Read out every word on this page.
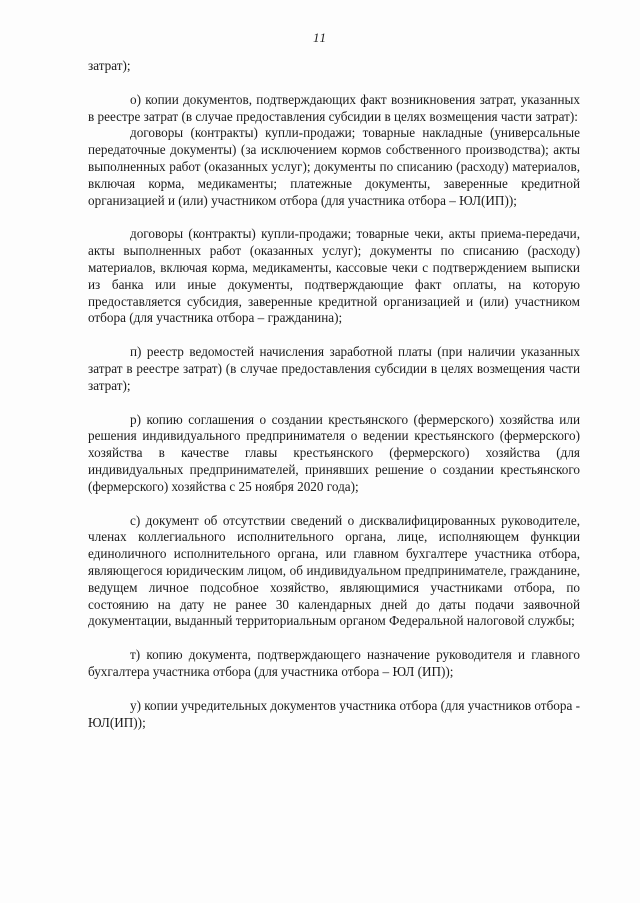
11

затрат);

о) копии документов, подтверждающих факт возникновения затрат, указанных в реестре затрат (в случае предоставления субсидии в целях возмещения части затрат):

договоры (контракты) купли-продажи; товарные накладные (универсальные передаточные документы) (за исключением кормов собственного производства); акты выполненных работ (оказанных услуг); документы по списанию (расходу) материалов, включая корма, медикаменты; платежные документы, заверенные кредитной организацией и (или) участником отбора (для участника отбора – ЮЛ(ИП));

договоры (контракты) купли-продажи; товарные чеки, акты приема-передачи, акты выполненных работ (оказанных услуг); документы по списанию (расходу) материалов, включая корма, медикаменты, кассовые чеки с подтверждением выписки из банка или иные документы, подтверждающие факт оплаты, на которую предоставляется субсидия, заверенные кредитной организацией и (или) участником отбора (для участника отбора – гражданина);

п) реестр ведомостей начисления заработной платы (при наличии указанных затрат в реестре затрат) (в случае предоставления субсидии в целях возмещения части затрат);

р) копию соглашения о создании крестьянского (фермерского) хозяйства или решения индивидуального предпринимателя о ведении крестьянского (фермерского) хозяйства в качестве главы крестьянского (фермерского) хозяйства (для индивидуальных предпринимателей, принявших решение о создании крестьянского (фермерского) хозяйства с 25 ноября 2020 года);

с) документ об отсутствии сведений о дисквалифицированных руководителе, членах коллегиального исполнительного органа, лице, исполняющем функции единоличного исполнительного органа, или главном бухгалтере участника отбора, являющегося юридическим лицом, об индивидуальном предпринимателе, гражданине, ведущем личное подсобное хозяйство, являющимися участниками отбора, по состоянию на дату не ранее 30 календарных дней до даты подачи заявочной документации, выданный территориальным органом Федеральной налоговой службы;

т) копию документа, подтверждающего назначение руководителя и главного бухгалтера участника отбора (для участника отбора – ЮЛ (ИП));

у) копии учредительных документов участника отбора (для участников отбора - ЮЛ(ИП));
